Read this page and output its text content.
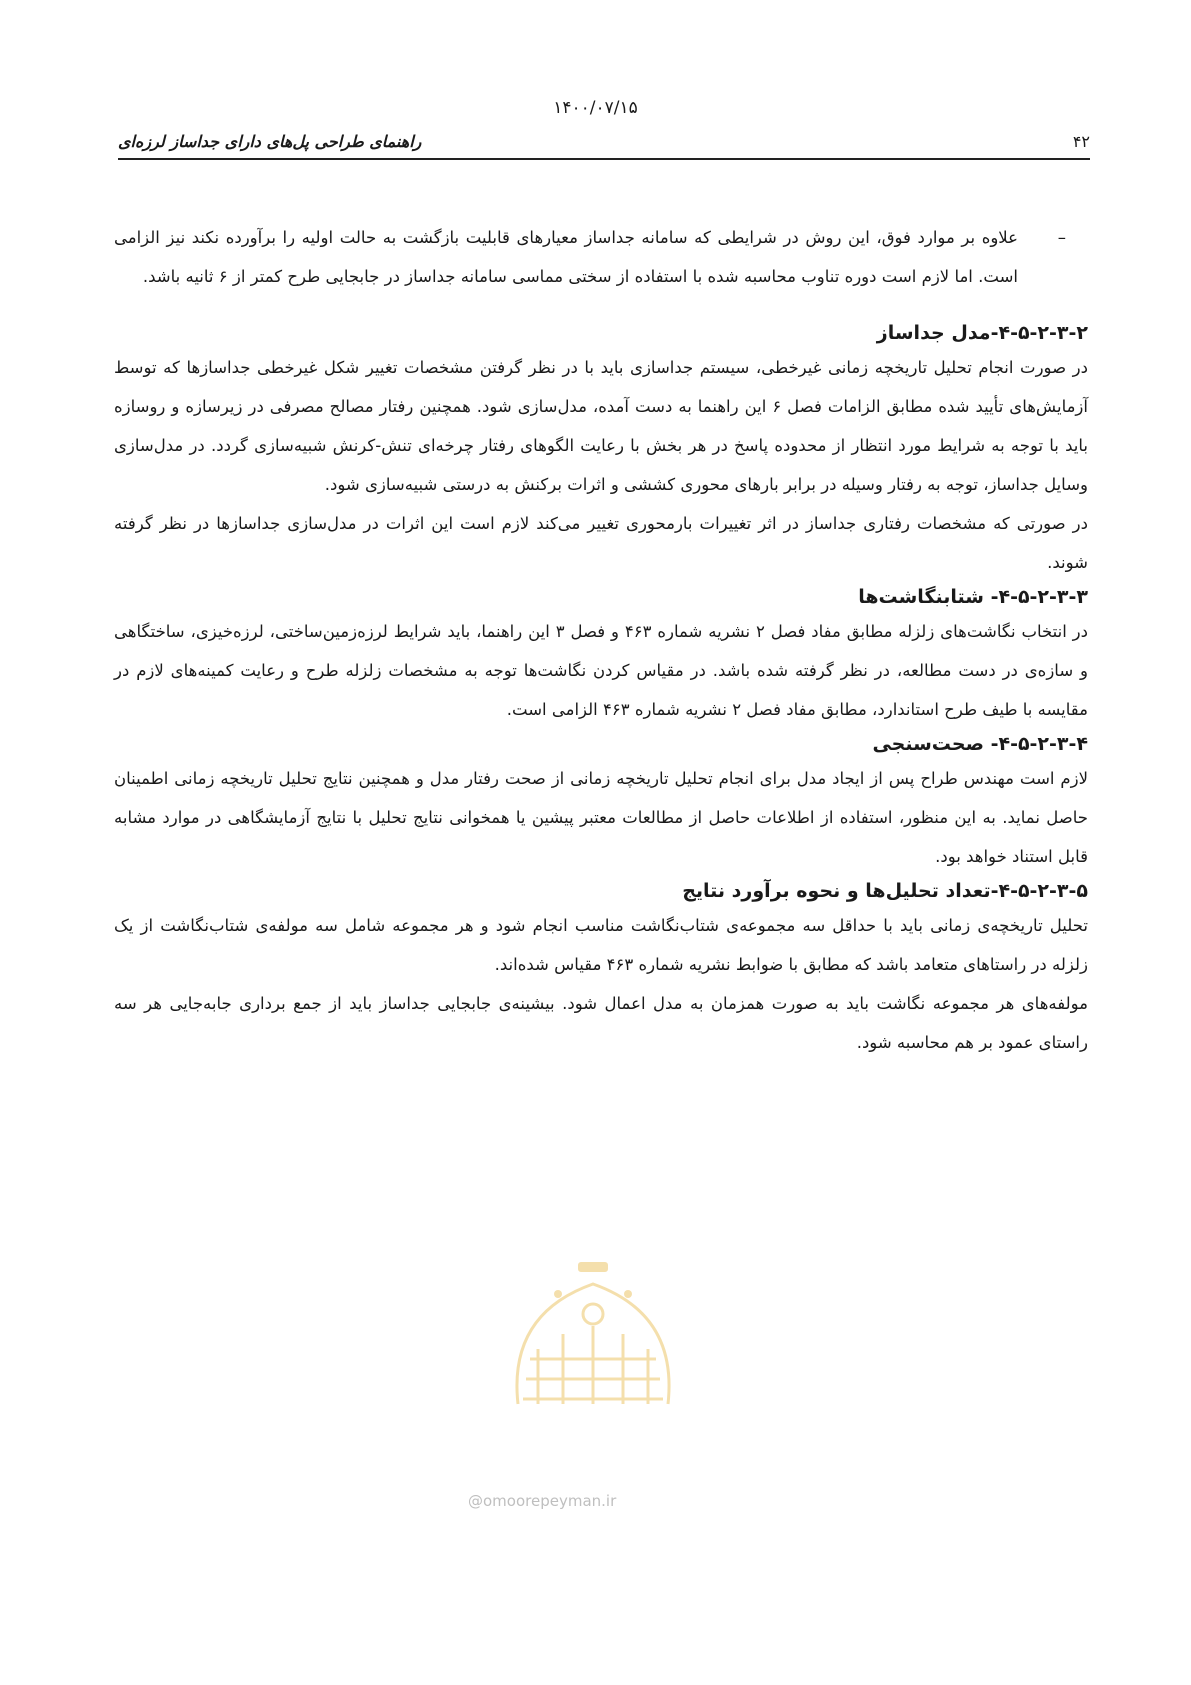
۱۴۰۰/۰۷/۱۵
راهنمای طراحی پل‌های دارای جداساز لرزه‌ای	۴۲
@omoorepeyman.ir
–
علاوه بر موارد فوق، این روش در شرایطی که سامانه جداساز معیارهای قابلیت بازگشت به حالت اولیه را برآورده نکند نیز الزامی است. اما لازم است دوره تناوب محاسبه شده با استفاده از سختی مماسی سامانه جداساز در جابجایی طرح کمتر از ۶ ثانیه باشد.
۴-۵-۲-۳-۲-مدل جداساز

در صورت انجام تحلیل تاریخچه زمانی غیرخطی، سیستم جداسازی باید با در نظر گرفتن مشخصات تغییر شکل غیرخطی جداسازها که توسط آزمایش‌های تأیید شده مطابق الزامات فصل ۶ این راهنما به دست آمده، مدل‌سازی شود. همچنین رفتار مصالح مصرفی در زیرسازه و روسازه باید با توجه به شرایط مورد انتظار از محدوده پاسخ در هر بخش با رعایت الگوهای رفتار چرخه‌ای تنش-کرنش شبیه‌سازی گردد. در مدل‌سازی وسایل جداساز، توجه به رفتار وسیله در برابر بارهای محوری کششی و اثرات برکنش به درستی شبیه‌سازی شود.

در صورتی که مشخصات رفتاری جداساز در اثر تغییرات بارمحوری تغییر می‌کند لازم است این اثرات در مدل‌سازی جداسازها در نظر گرفته شوند.

۴-۵-۲-۳-۳- شتابنگاشت‌ها

در انتخاب نگاشت‌های زلزله مطابق مفاد فصل ۲ نشریه شماره ۴۶۳ و فصل ۳ این راهنما، باید شرایط لرزه‌زمین‌ساختی، لرزه‌خیزی، ساختگاهی و سازه‌ی در دست مطالعه، در نظر گرفته شده باشد. در مقیاس کردن نگاشت‌ها توجه به مشخصات زلزله طرح و رعایت کمینه‌های لازم در مقایسه با طیف طرح استاندارد، مطابق مفاد فصل ۲ نشریه شماره ۴۶۳ الزامی است.

۴-۵-۲-۳-۴- صحت‌سنجی

لازم است مهندس طراح پس از ایجاد مدل برای انجام تحلیل تاریخچه زمانی از صحت رفتار مدل و همچنین نتایج تحلیل تاریخچه زمانی اطمینان حاصل نماید. به این منظور، استفاده از اطلاعات حاصل از مطالعات معتبر پیشین یا همخوانی نتایج تحلیل با نتایج آزمایشگاهی در موارد مشابه قابل استناد خواهد بود.

۴-۵-۲-۳-۵-تعداد تحلیل‌ها و نحوه برآورد نتایج

تحلیل تاریخچه‌ی زمانی باید با حداقل سه مجموعه‌ی شتاب‌نگاشت مناسب انجام شود و هر مجموعه شامل سه مولفه‌ی شتاب‌نگاشت از یک زلزله در راستاهای متعامد باشد که مطابق با ضوابط نشریه شماره ۴۶۳ مقیاس شده‌اند.

مولفه‌های هر مجموعه نگاشت باید به صورت همزمان به مدل اعمال شود. بیشینه‌ی جابجایی جداساز باید از جمع برداری جابه‌جایی هر سه راستای عمود بر هم محاسبه شود.
